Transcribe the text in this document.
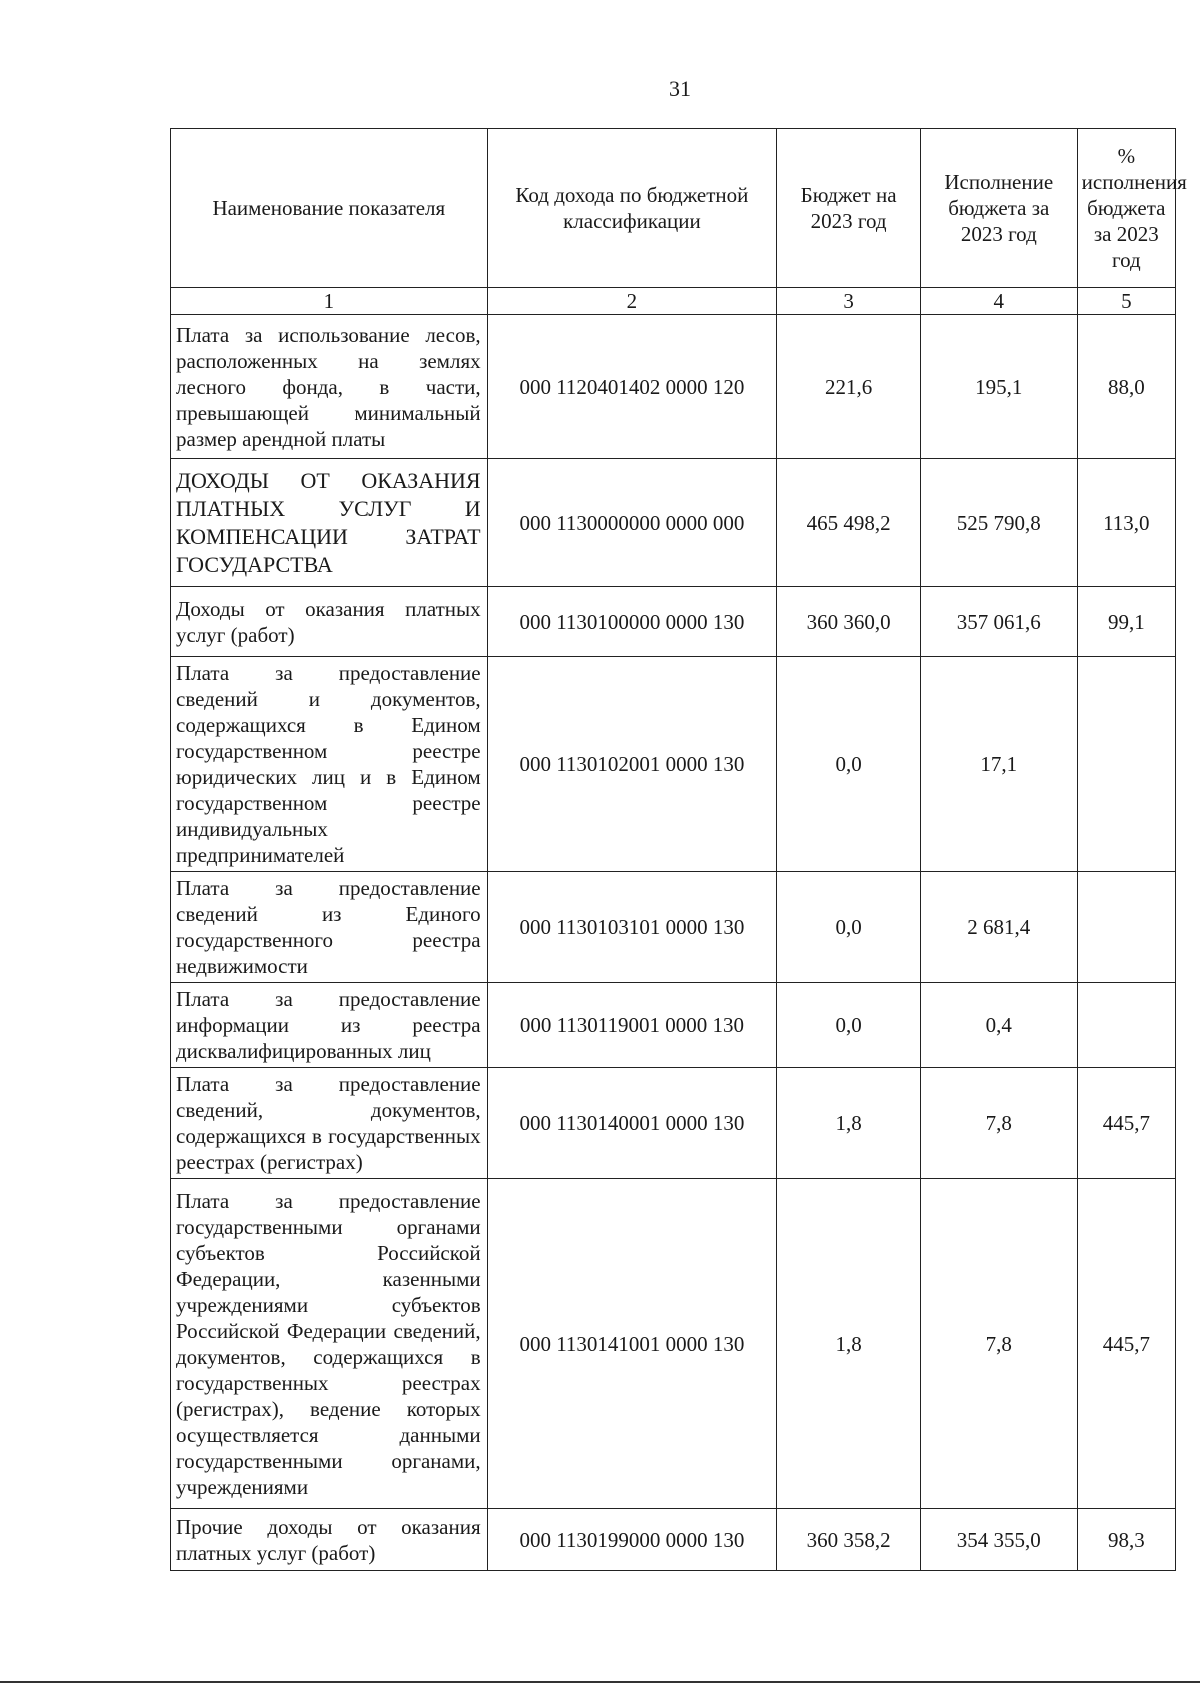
31
Наименование показателя	Код дохода по бюджетной классификации	Бюджет на 2023 год	Исполнение бюджета за 2023 год	% исполнения бюджета за 2023 год
1	2	3	4	5
Плата за использование лесов, расположенных на землях лесного фонда, в части, превышающей минимальный размер арендной платы	000 1120401402 0000 120	221,6	195,1	88,0
ДОХОДЫ ОТ ОКАЗАНИЯ ПЛАТНЫХ УСЛУГ И КОМПЕНСАЦИИ ЗАТРАТ ГОСУДАРСТВА	000 1130000000 0000 000	465 498,2	525 790,8	113,0
Доходы от оказания платных услуг (работ)	000 1130100000 0000 130	360 360,0	357 061,6	99,1
Плата за предоставление сведений и документов, содержащихся в Едином государственном реестре юридических лиц и в Едином государственном реестре индивидуальных предпринимателей	000 1130102001 0000 130	0,0	17,1	
Плата за предоставление сведений из Единого государственного реестра недвижимости	000 1130103101 0000 130	0,0	2 681,4	
Плата за предоставление информации из реестра дисквалифицированных лиц	000 1130119001 0000 130	0,0	0,4	
Плата за предоставление сведений, документов, содержащихся в государственных реестрах (регистрах)	000 1130140001 0000 130	1,8	7,8	445,7
Плата за предоставление государственными органами субъектов Российской Федерации, казенными учреждениями субъектов Российской Федерации сведений, документов, содержащихся в государственных реестрах (регистрах), ведение которых осуществляется данными государственными органами, учреждениями	000 1130141001 0000 130	1,8	7,8	445,7
Прочие доходы от оказания платных услуг (работ)	000 1130199000 0000 130	360 358,2	354 355,0	98,3
